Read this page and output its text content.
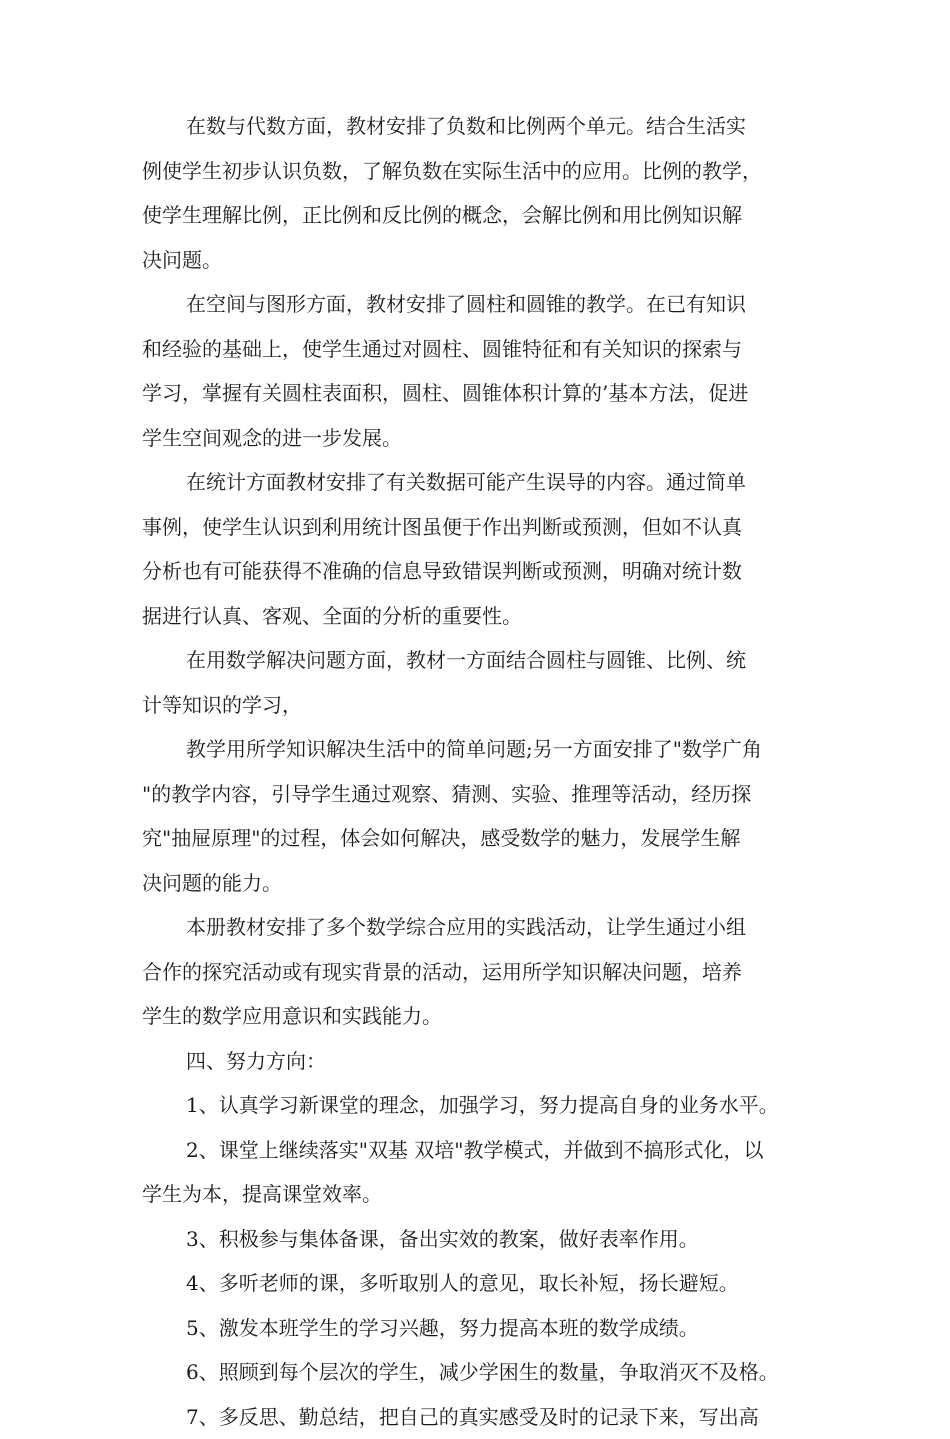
在数与代数方面，教材安排了负数和比例两个单元。结合生活实
例使学生初步认识负数，了解负数在实际生活中的应用。比例的教学，
使学生理解比例，正比例和反比例的概念，会解比例和用比例知识解
决问题。
在空间与图形方面，教材安排了圆柱和圆锥的教学。在已有知识
和经验的基础上，使学生通过对圆柱、圆锥特征和有关知识的探索与
学习，掌握有关圆柱表面积，圆柱、圆锥体积计算的’基本方法，促进
学生空间观念的进一步发展。
在统计方面教材安排了有关数据可能产生误导的内容。通过简单
事例，使学生认识到利用统计图虽便于作出判断或预测，但如不认真
分析也有可能获得不准确的信息导致错误判断或预测，明确对统计数
据进行认真、客观、全面的分析的重要性。
在用数学解决问题方面，教材一方面结合圆柱与圆锥、比例、统
计等知识的学习，
教学用所学知识解决生活中的简单问题;另一方面安排了"数学广角
"的教学内容，引导学生通过观察、猜测、实验、推理等活动，经历探
究"抽屉原理"的过程，体会如何解决，感受数学的魅力，发展学生解
决问题的能力。
本册教材安排了多个数学综合应用的实践活动，让学生通过小组
合作的探究活动或有现实背景的活动，运用所学知识解决问题，培养
学生的数学应用意识和实践能力。
四、努力方向：
1、认真学习新课堂的理念，加强学习，努力提高自身的业务水平。
2、课堂上继续落实"双基 双培"教学模式，并做到不搞形式化，以
学生为本，提高课堂效率。
3、积极参与集体备课，备出实效的教案，做好表率作用。
4、多听老师的课，多听取别人的意见，取长补短，扬长避短。
5、激发本班学生的学习兴趣，努力提高本班的数学成绩。
6、照顾到每个层次的学生，减少学困生的数量，争取消灭不及格。
7、多反思、勤总结，把自己的真实感受及时的记录下来，写出高
